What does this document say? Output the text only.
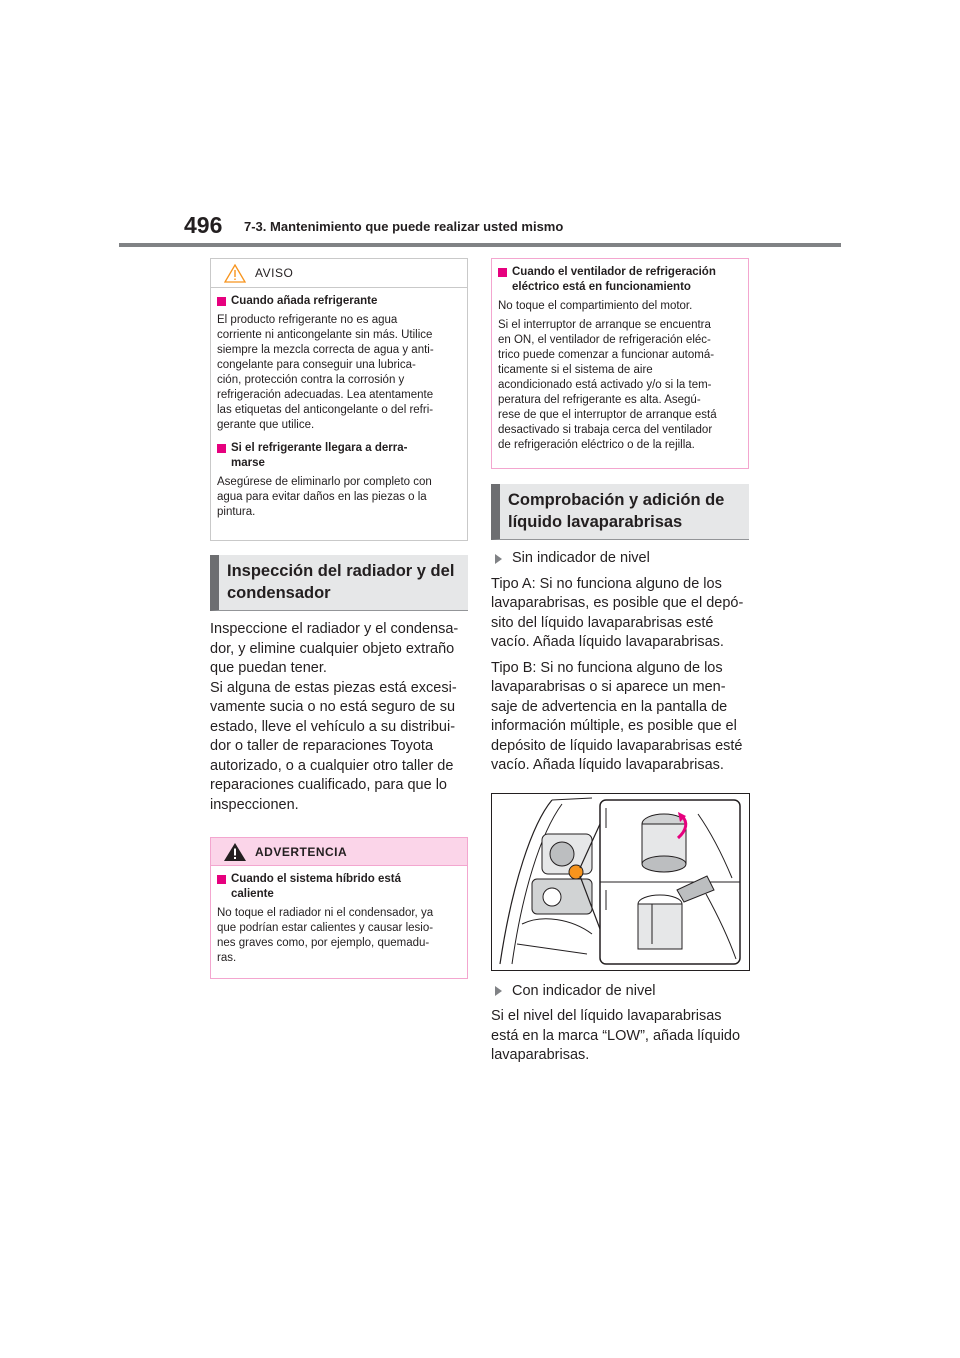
496 7-3. Mantenimiento que puede realizar usted mismo
AVISO
Cuando añada refrigerante
El producto refrigerante no es agua
corriente ni anticongelante sin más. Utilice
siempre la mezcla correcta de agua y anti-
congelante para conseguir una lubrica-
ción, protección contra la corrosión y
refrigeración adecuadas. Lea atentamente
las etiquetas del anticongelante o del refri-
gerante que utilice.
Si el refrigerante llegara a derra-
marse
Asegúrese de eliminarlo por completo con
agua para evitar daños en las piezas o la
pintura.
Inspección del radiador y del
condensador
Inspeccione el radiador y el condensa-
dor, y elimine cualquier objeto extraño
que puedan tener.
Si alguna de estas piezas está excesi-
vamente sucia o no está seguro de su
estado, lleve el vehículo a su distribui-
dor o taller de reparaciones Toyota
autorizado, o a cualquier otro taller de
reparaciones cualificado, para que lo
inspeccionen.
ADVERTENCIA
Cuando el sistema híbrido está
caliente
No toque el radiador ni el condensador, ya
que podrían estar calientes y causar lesio-
nes graves como, por ejemplo, quemadu-
ras.
Cuando el ventilador de refrigeración
eléctrico está en funcionamiento
No toque el compartimiento del motor.
Si el interruptor de arranque se encuentra
en ON, el ventilador de refrigeración eléc-
trico puede comenzar a funcionar automá-
ticamente si el sistema de aire
acondicionado está activado y/o si la tem-
peratura del refrigerante es alta. Asegú-
rese de que el interruptor de arranque está
desactivado si trabaja cerca del ventilador
de refrigeración eléctrico o de la rejilla.
Comprobación y adición de
líquido lavaparabrisas
Sin indicador de nivel
Tipo A: Si no funciona alguno de los
lavaparabrisas, es posible que el depó-
sito del líquido lavaparabrisas esté
vacío. Añada líquido lavaparabrisas.
Tipo B: Si no funciona alguno de los
lavaparabrisas o si aparece un men-
saje de advertencia en la pantalla de
información múltiple, es posible que el
depósito de líquido lavaparabrisas esté
vacío. Añada líquido lavaparabrisas.
Con indicador de nivel
Si el nivel del líquido lavaparabrisas
está en la marca “LOW”, añada líquido
lavaparabrisas.
